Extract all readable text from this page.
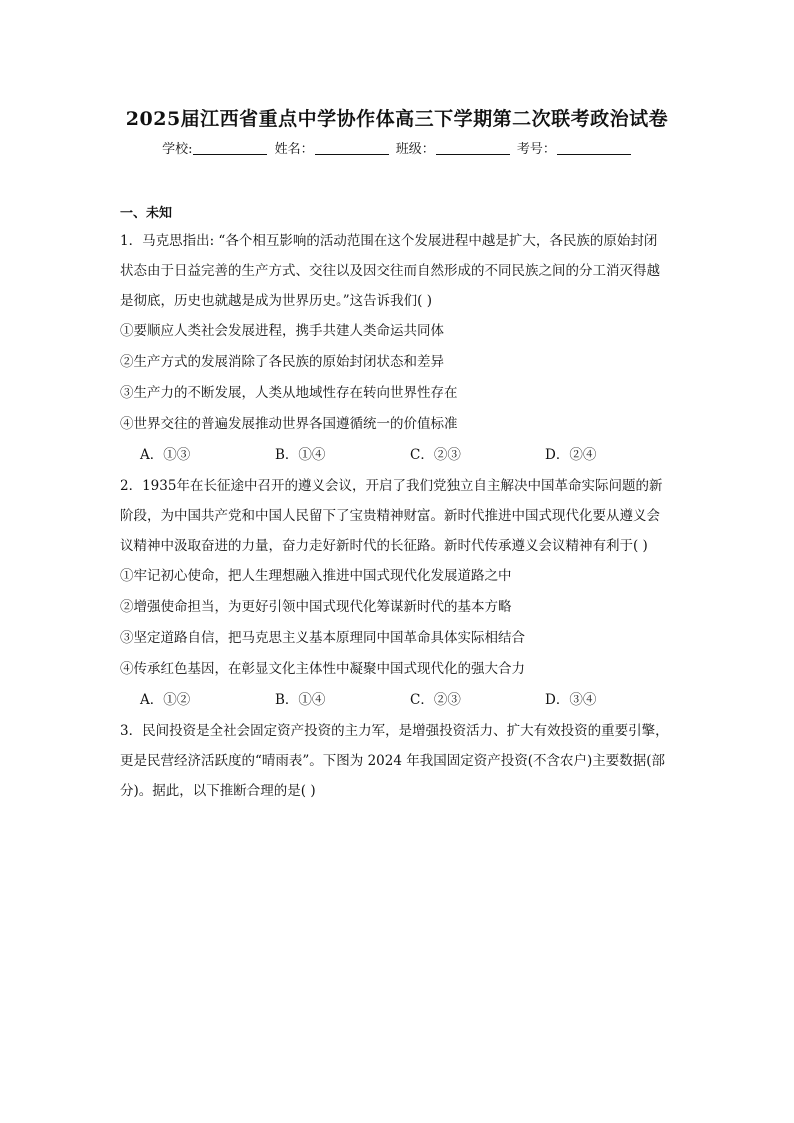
2025届江西省重点中学协作体高三下学期第二次联考政治试卷
学校:	姓名：	班级：	考号：
一、未知

1．马克思指出: “各个相互影响的活动范围在这个发展进程中越是扩大，各民族的原始封闭

状态由于日益完善的生产方式、交往以及因交往而自然形成的不同民族之间的分工消灭得越

是彻底，历史也就越是成为世界历史。”这告诉我们( )

①要顺应人类社会发展进程，携手共建人类命运共同体

②生产方式的发展消除了各民族的原始封闭状态和差异

③生产力的不断发展，人类从地域性存在转向世界性存在

④世界交往的普遍发展推动世界各国遵循统一的价值标准

A．①③	B．①④	C．②③	D．②④

2．1935年在长征途中召开的遵义会议，开启了我们党独立自主解决中国革命实际问题的新

阶段，为中国共产党和中国人民留下了宝贵精神财富。新时代推进中国式现代化要从遵义会

议精神中汲取奋进的力量，奋力走好新时代的长征路。新时代传承遵义会议精神有利于( )

①牢记初心使命，把人生理想融入推进中国式现代化发展道路之中

②增强使命担当，为更好引领中国式现代化筹谋新时代的基本方略

③坚定道路自信，把马克思主义基本原理同中国革命具体实际相结合

④传承红色基因，在彰显文化主体性中凝聚中国式现代化的强大合力

A．①②	B．①④	C．②③	D．③④

3．民间投资是全社会固定资产投资的主力军，是增强投资活力、扩大有效投资的重要引擎，

更是民营经济活跃度的“晴雨表”。下图为 2024 年我国固定资产投资(不含农户)主要数据(部

分)。据此，以下推断合理的是( )
